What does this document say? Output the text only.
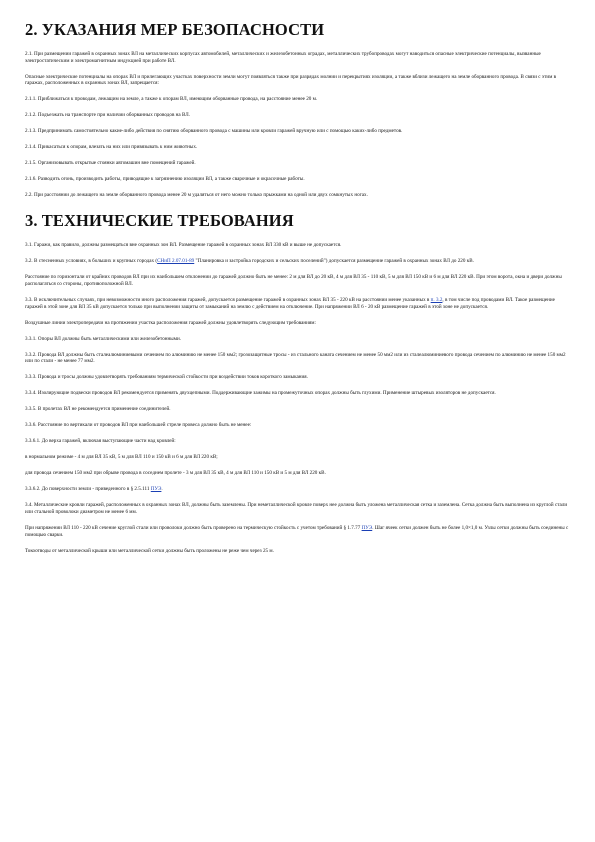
2. УКАЗАНИЯ МЕР БЕЗОПАСНОСТИ

2.1. При размещении гаражей в охранных зонах ВЛ на металлических корпусах автомобилей, металлических и железобетонных оградах, металлических трубопроводах могут наводиться опасные электрические потенциалы, вызванные электростатическим и электромагнитным индукцией при работе ВЛ.

Опасные электрические потенциалы на опорах ВЛ и прилегающих участках поверхности земли могут появляться также при разрядах молнии и перекрытиях изоляции, а также вблизи лежащего на земле оборванного провода. В связи с этим в гаражах, расположенных в охранных зонах ВЛ, запрещается:

2.1.1. Приближаться к проводам, лежащим на земле, а также к опорам ВЛ, имеющим оборванные провода, на расстояние менее 20 м.

2.1.2. Подъезжать на транспорте при наличии оборванных проводов на ВЛ.

2.1.3. Предпринимать самостоятельно какие-либо действия по снятию оборванного провода с машины или кровли гаражей вручную или с помощью каких-либо предметов.

2.1.4. Прикасаться к опорам, влезать на них или привязывать к ним животных.

2.1.5. Организовывать открытые стоянки автомашин вне помещений гаражей.

2.1.6. Разводить огонь, производить работы, приводящие к загрязнению изоляции ВЛ, а также сварочные и окрасочные работы.

2.2. При расстоянии до лежащего на земле оборванного провода менее 20 м удаляться от него можно только прыжками на одной или двух сомкнутых ногах.

3. ТЕХНИЧЕСКИЕ ТРЕБОВАНИЯ

3.1. Гаражи, как правило, должны размещаться вне охранных зон ВЛ. Размещение гаражей в охранных зонах ВЛ 330 кВ и выше не допускается.

3.2. В стесненных условиях, в больших и крупных городах (СНиП 2.07.01-89 "Планировка и застройка городских и сельских поселений") допускается размещение гаражей в охранных зонах ВЛ до 220 кВ.

Расстояние по горизонтали от крайних проводов ВЛ при их наибольшем отклонении до гаражей должно быть не менее: 2 м для ВЛ до 20 кВ, 4 м для ВЛ 35 - 110 кВ, 5 м для ВЛ 150 кВ и 6 м для ВЛ 220 кВ. При этом ворота, окна и двери должны располагаться со стороны, противоположной ВЛ.

3.3. В исключительных случаях, при невозможности иного расположения гаражей, допускается размещение гаражей в охранных зонах ВЛ 35 - 220 кВ на расстоянии менее указанных в п. 3.2, в том числе под проводами ВЛ. Такое размещение гаражей в этой зоне для ВЛ 35 кВ допускается только при выполнении защиты от замыканий на землю с действием на отключение. При напряжении ВЛ 6 - 20 кВ размещение гаражей в этой зоне не допускается.

Воздушные линии электропередачи на протяжении участка расположения гаражей должны удовлетворять следующим требованиям:

3.3.1. Опоры ВЛ должны быть металлическими или железобетонными.

3.3.2. Провода ВЛ должны быть сталеалюминиевыми сечением по алюминию не менее 150 мм2; грозозащитные тросы - из стального каната сечением не менее 50 мм2 или из сталеалюминиевого провода сечением по алюминию не менее 150 мм2 или по стали - не менее 77 мм2.

3.3.3. Провода и тросы должны удовлетворять требованиям термической стойкости при воздействии токов короткого замыкания.

3.3.4. Изолирующие подвески проводов ВЛ рекомендуется применять двухцепными. Поддерживающие зажимы на промежуточных опорах должны быть глухими. Применение штыревых изоляторов не допускается.

3.3.5. В пролетах ВЛ не рекомендуется применение соединителей.

3.3.6. Расстояние по вертикали от проводов ВЛ при наибольшей стреле провеса должно быть не менее:

3.3.6.1. До верха гаражей, включая выступающие части над кровлей:

в нормальном режиме - 4 м для ВЛ 35 кВ, 5 м для ВЛ 110 и 150 кВ и 6 м для ВЛ 220 кВ;

для провода сечением 150 мм2 при обрыве провода в соседнем пролете - 3 м для ВЛ 35 кВ, 4 м для ВЛ 110 и 150 кВ и 5 м для ВЛ 220 кВ.

3.3.6.2. До поверхности земли - приведенного в § 2.5.111 ПУЭ.

3.4. Металлические кровли гаражей, расположенных в охранных зонах ВЛ, должны быть заземлены. При неметаллической кровле поверх нее должна быть уложена металлическая сетка и заземлена. Сетка должна быть выполнена из круглой стали или стальной проволоки диаметром не менее 6 мм.

При напряжении ВЛ 110 - 220 кВ сечение круглой стали или проволоки должно быть проверено на термическую стойкость с учетом требований § 1.7.77 ПУЭ. Шаг ячеек сетки должен быть не более 1,0×1,0 м. Узлы сетки должны быть соединены с помощью сварки.

Токоотводы от металлической крыши или металлической сетки должны быть проложены не реже чем через 25 м.
